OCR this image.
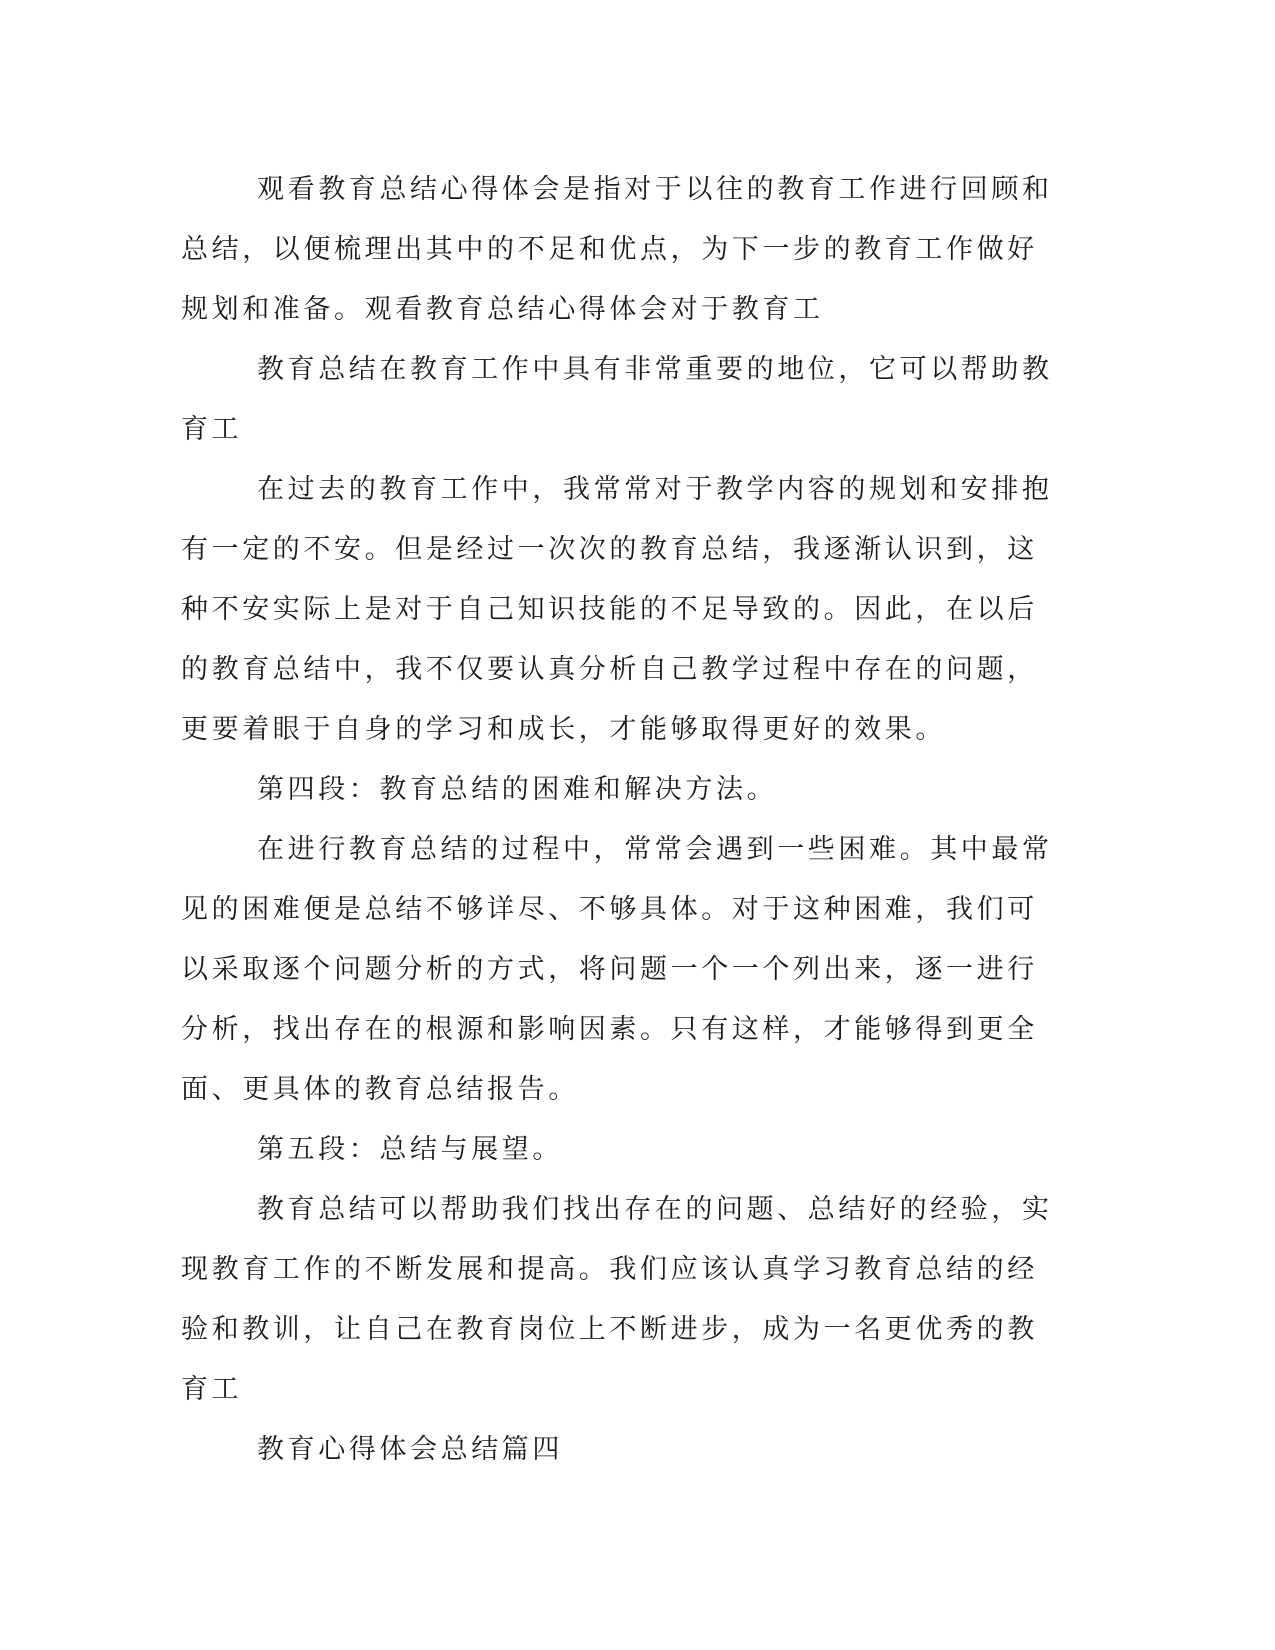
观看教育总结心得体会是指对于以往的教育工作进行回顾和总结，以便梳理出其中的不足和优点，为下一步的教育工作做好规划和准备。观看教育总结心得体会对于教育工

教育总结在教育工作中具有非常重要的地位，它可以帮助教育工

在过去的教育工作中，我常常对于教学内容的规划和安排抱有一定的不安。但是经过一次次的教育总结，我逐渐认识到，这种不安实际上是对于自己知识技能的不足导致的。因此，在以后的教育总结中，我不仅要认真分析自己教学过程中存在的问题，更要着眼于自身的学习和成长，才能够取得更好的效果。

第四段：教育总结的困难和解决方法。

在进行教育总结的过程中，常常会遇到一些困难。其中最常见的困难便是总结不够详尽、不够具体。对于这种困难，我们可以采取逐个问题分析的方式，将问题一个一个列出来，逐一进行分析，找出存在的根源和影响因素。只有这样，才能够得到更全面、更具体的教育总结报告。

第五段：总结与展望。

教育总结可以帮助我们找出存在的问题、总结好的经验，实现教育工作的不断发展和提高。我们应该认真学习教育总结的经验和教训，让自己在教育岗位上不断进步，成为一名更优秀的教育工

教育心得体会总结篇四
